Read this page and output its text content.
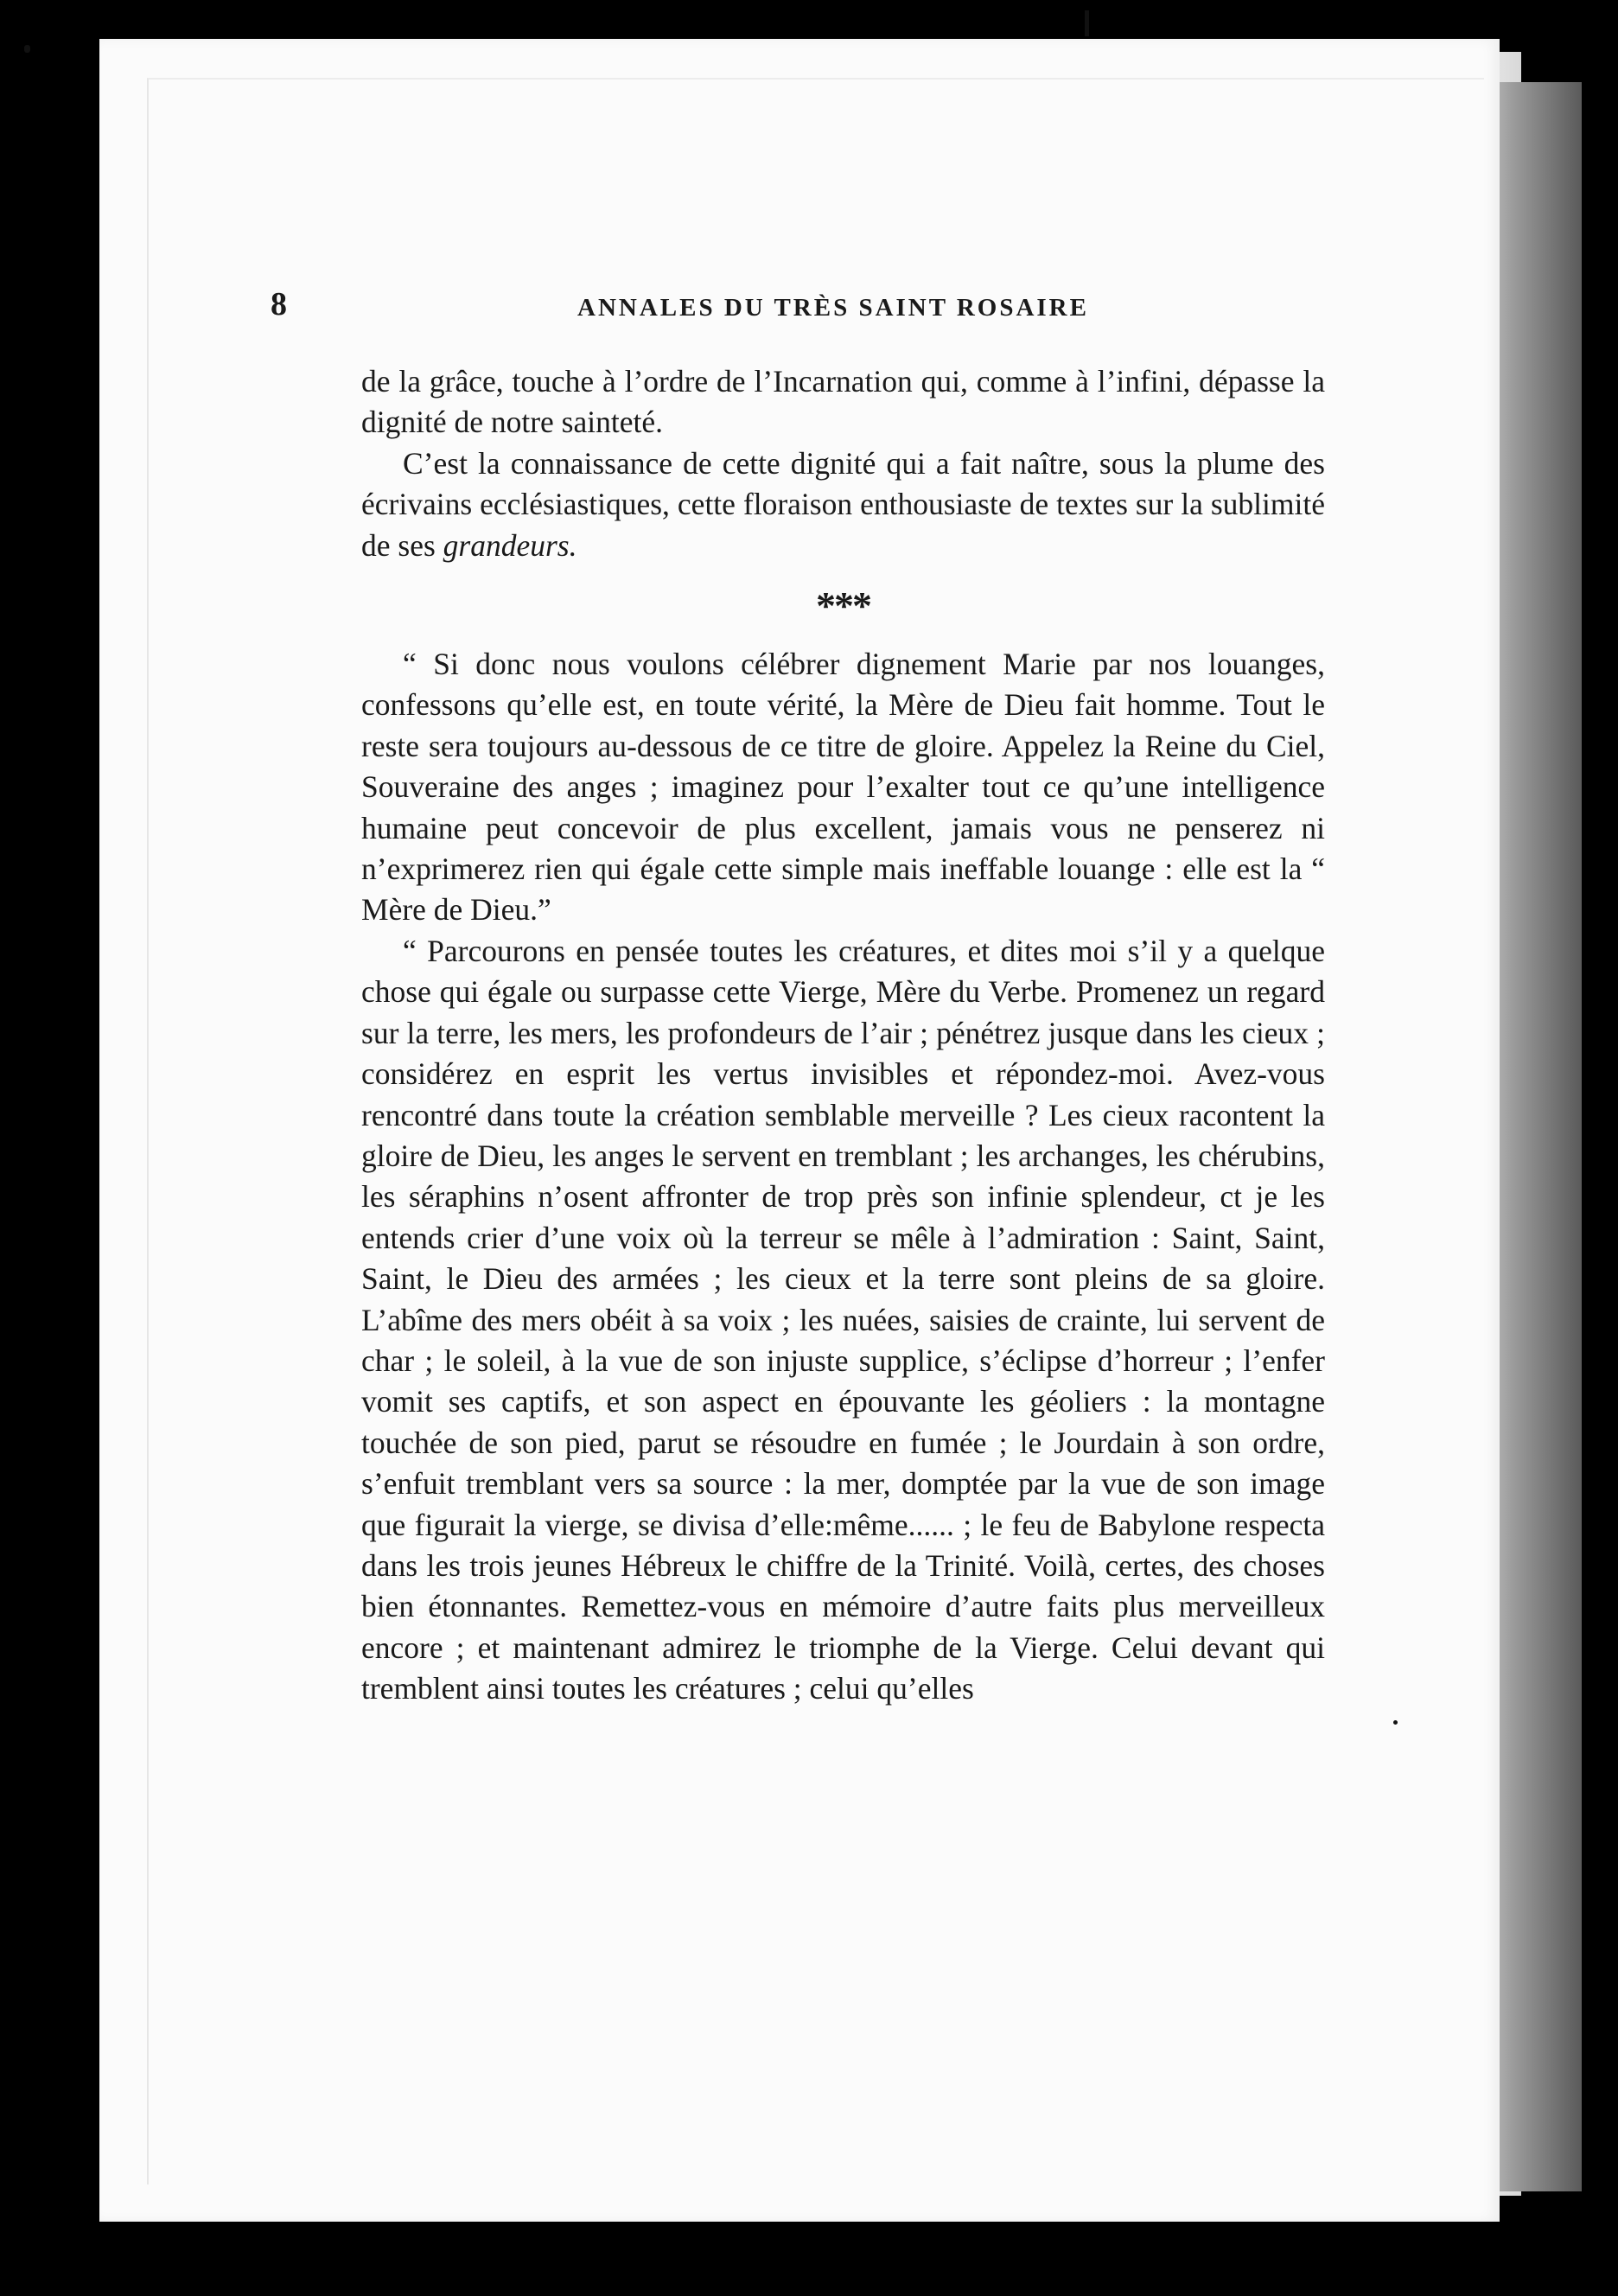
8	ANNALES DU TRÈS SAINT ROSAIRE

de la grâce, touche à l’ordre de l’Incarnation qui, comme à l’infini, dépasse la dignité de notre sainteté.

C’est la connaissance de cette dignité qui a fait naître, sous la plume des écrivains ecclésiastiques, cette floraison enthousiaste de textes sur la sublimité de ses grandeurs.

***

“ Si donc nous voulons célébrer dignement Marie par nos louanges, confessons qu’elle est, en toute vérité, la Mère de Dieu fait homme. Tout le reste sera toujours au-dessous de ce titre de gloire. Appelez la Reine du Ciel, Souveraine des anges ; imaginez pour l’exalter tout ce qu’une intelligence humaine peut concevoir de plus excellent, jamais vous ne penserez ni n’exprimerez rien qui égale cette simple mais ineffable louange : elle est la “ Mère de Dieu.”

“ Parcourons en pensée toutes les créatures, et dites moi s’il y a quelque chose qui égale ou surpasse cette Vierge, Mère du Verbe. Promenez un regard sur la terre, les mers, les profondeurs de l’air ; pénétrez jusque dans les cieux ; considérez en esprit les vertus invisibles et répondez-moi. Avez-vous rencontré dans toute la création semblable merveille ? Les cieux racontent la gloire de Dieu, les anges le servent en tremblant ; les archanges, les chérubins, les séraphins n’osent affronter de trop près son infinie splendeur, ct je les entends crier d’une voix où la terreur se mêle à l’admiration : Saint, Saint, Saint, le Dieu des armées ; les cieux et la terre sont pleins de sa gloire. L’abîme des mers obéit à sa voix ; les nuées, saisies de crainte, lui servent de char ; le soleil, à la vue de son injuste supplice, s’éclipse d’horreur ; l’enfer vomit ses captifs, et son aspect en épouvante les géoliers : la montagne touchée de son pied, parut se résoudre en fumée ; le Jourdain à son ordre, s’enfuit tremblant vers sa source : la mer, domptée par la vue de son image que figurait la vierge, se divisa d’elle:même...... ; le feu de Babylone respecta dans les trois jeunes Hébreux le chiffre de la Trinité. Voilà, certes, des choses bien étonnantes. Remettez-vous en mémoire d’autre faits plus merveilleux encore ; et maintenant admirez le triomphe de la Vierge. Celui devant qui tremblent ainsi toutes les créatures ; celui qu’elles
